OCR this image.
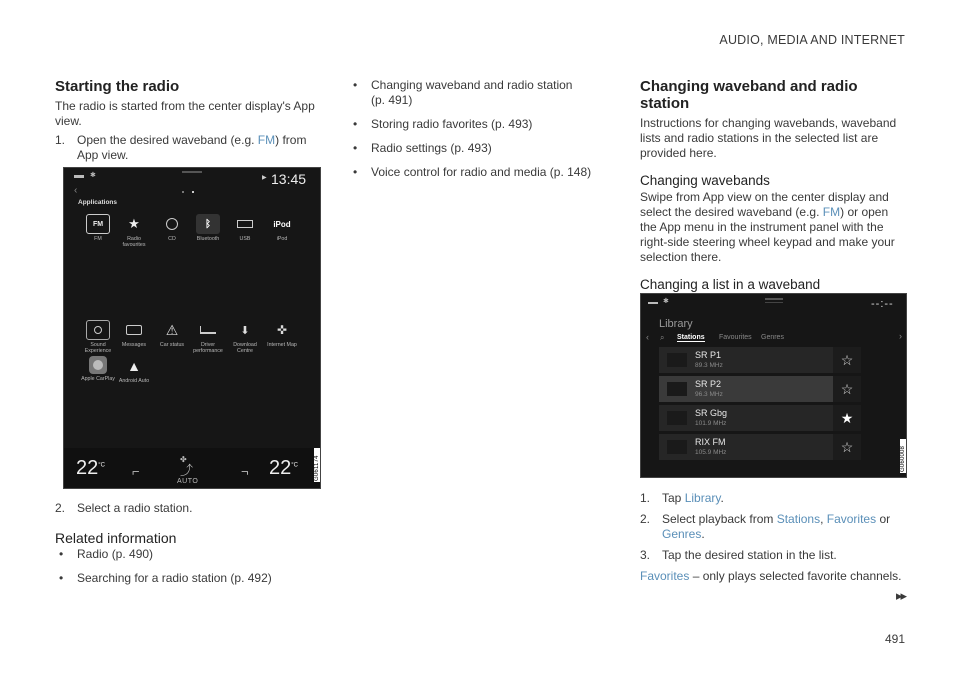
AUDIO, MEDIA AND INTERNET
Starting the radio

The radio is started from the center display's App view.

1. Open the desired waveband (e.g. FM) from App view.
✱
‹
▶ 13:45
Applications
FM
FM
★
Radio favourites
CD
ᛒ
Bluetooth	USB
iPod
iPod
Sound Experience
Messages
⚠
Car status	Driver performance
⬇
Download Centre
✜
Internet Map
Apple CarPlay
▲
Android Auto
$22^{^\circ C}$ ⌐
✤
⤴
AUTO
¬ $22^{^\circ C}$	G061174
2. Select a radio station.
Related information
• Radio (p. 490)
• Searching for a radio station (p. 492)
• Changing waveband and radio station (p. 491)
• Storing radio favorites (p. 493)
• Radio settings (p. 493)
• Voice control for radio and media (p. 148)
Changing waveband and radio station

Instructions for changing wavebands, waveband lists and radio stations in the selected list are provided here.

Changing wavebands

Swipe from App view on the center display and select the desired waveband (e.g. FM) or open the App menu in the instrument panel with the right-side steering wheel keypad and make your selection there.

Changing a list in a waveband
✱	--:--
Library
‹ ⌕ Stations Favourites Genres	›
SR P1
89.3 MHz	☆
SR P2
96.3 MHz	☆
SR Gbg
101.9 MHz	★
RIX FM
105.9 MHz	☆	G060008
1. Tap Library.
2. Select playback from Stations, Favorites or Genres.
3. Tap the desired station in the list.

Favorites – only plays selected favorite channels.

▸▸
491
